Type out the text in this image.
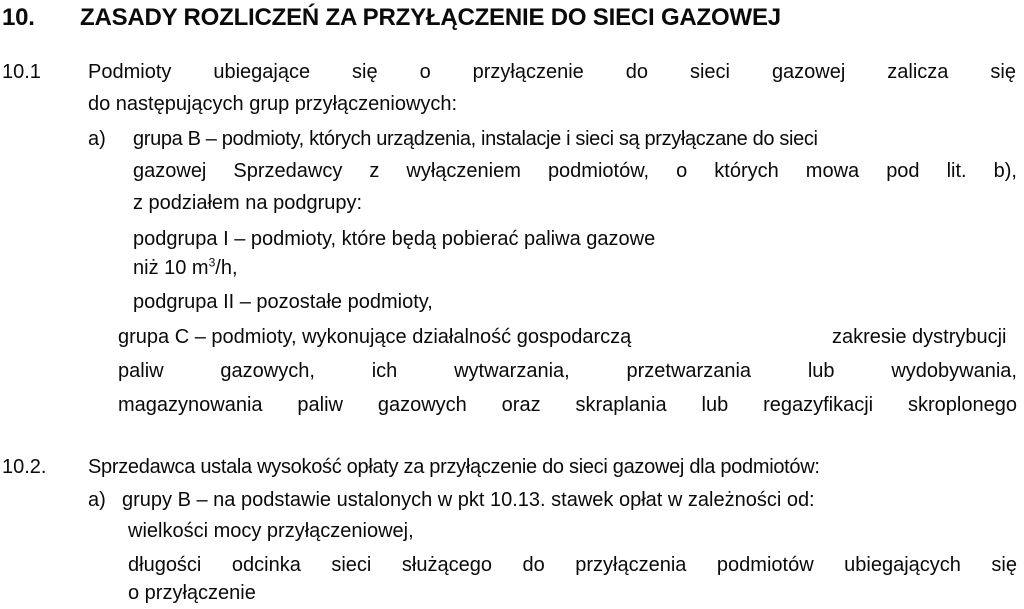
10. ZASADY ROZLICZEŃ ZA PRZYŁĄCZENIE DO SIECI GAZOWEJ
10.1 Podmioty ubiegające się o przyłączenie do sieci gazowej zalicza się
do następujących grup przyłączeniowych:
a) grupa B – podmioty, których urządzenia, instalacje i sieci są przyłączane do sieci
gazowej Sprzedawcy z wyłączeniem podmiotów, o których mowa pod lit. b),
z podziałem na podgrupy:
podgrupa I – podmioty, które będą pobierać paliwa gazowe
niż 10 $m^3/h$,
podgrupa II – pozostałe podmioty,
grupa C – podmioty, wykonujące działalność gospodarczą	zakresie dystrybucji
paliw	gazowych,	ich	wytwarzania,	przetwarzania	lub	wydobywania,
magazynowania paliw gazowych oraz skraplania lub regazyfikacji skroplonego
10.2. Sprzedawca ustala wysokość opłaty za przyłączenie do sieci gazowej dla podmiotów:
a) grupy B – na podstawie ustalonych w pkt 10.13. stawek opłat w zależności od:
wielkości mocy przyłączeniowej,
długości odcinka sieci służącego do przyłączenia podmiotów ubiegających się
o przyłączenie
